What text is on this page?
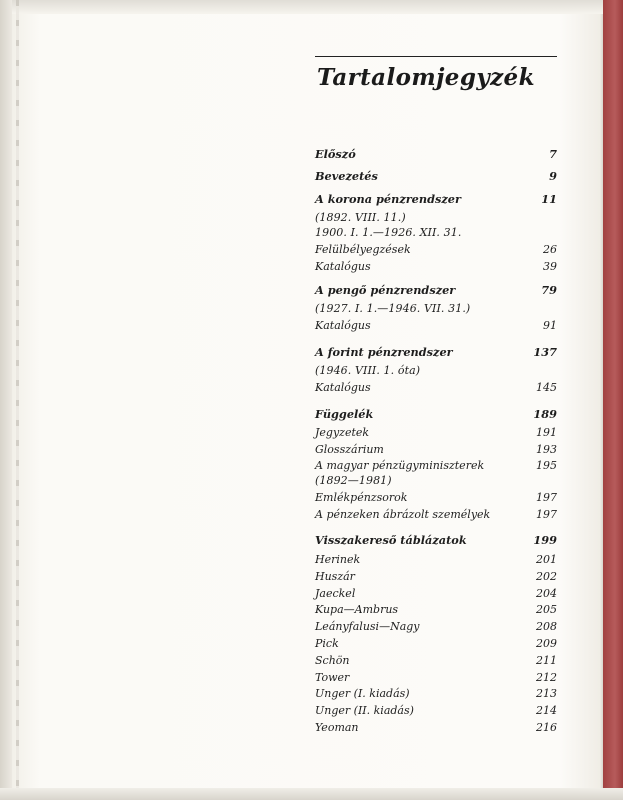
Tartalomjegyzék
Előszó	7
Bevezetés	9
A korona pénzrendszer	11
(1892. VIII. 11.)
1900. I. 1.—1926. XII. 31.
Felülbélyegzések	26
Katalógus	39
A pengő pénzrendszer	79
(1927. I. 1.—1946. VII. 31.)
Katalógus	91
A forint pénzrendszer	137
(1946. VIII. 1. óta)
Katalógus	145
Függelék	189
Jegyzetek	191
Glosszárium	193
A magyar pénzügyminiszterek	195
(1892—1981)
Emlékpénzsorok	197
A pénzeken ábrázolt személyek	197
Visszakereső táblázatok	199
Herinek	201
Huszár	202
Jaeckel	204
Kupa—Ambrus	205
Leányfalusi—Nagy	208
Pick	209
Schön	211
Tower	212
Unger (I. kiadás)	213
Unger (II. kiadás)	214
Yeoman	216
